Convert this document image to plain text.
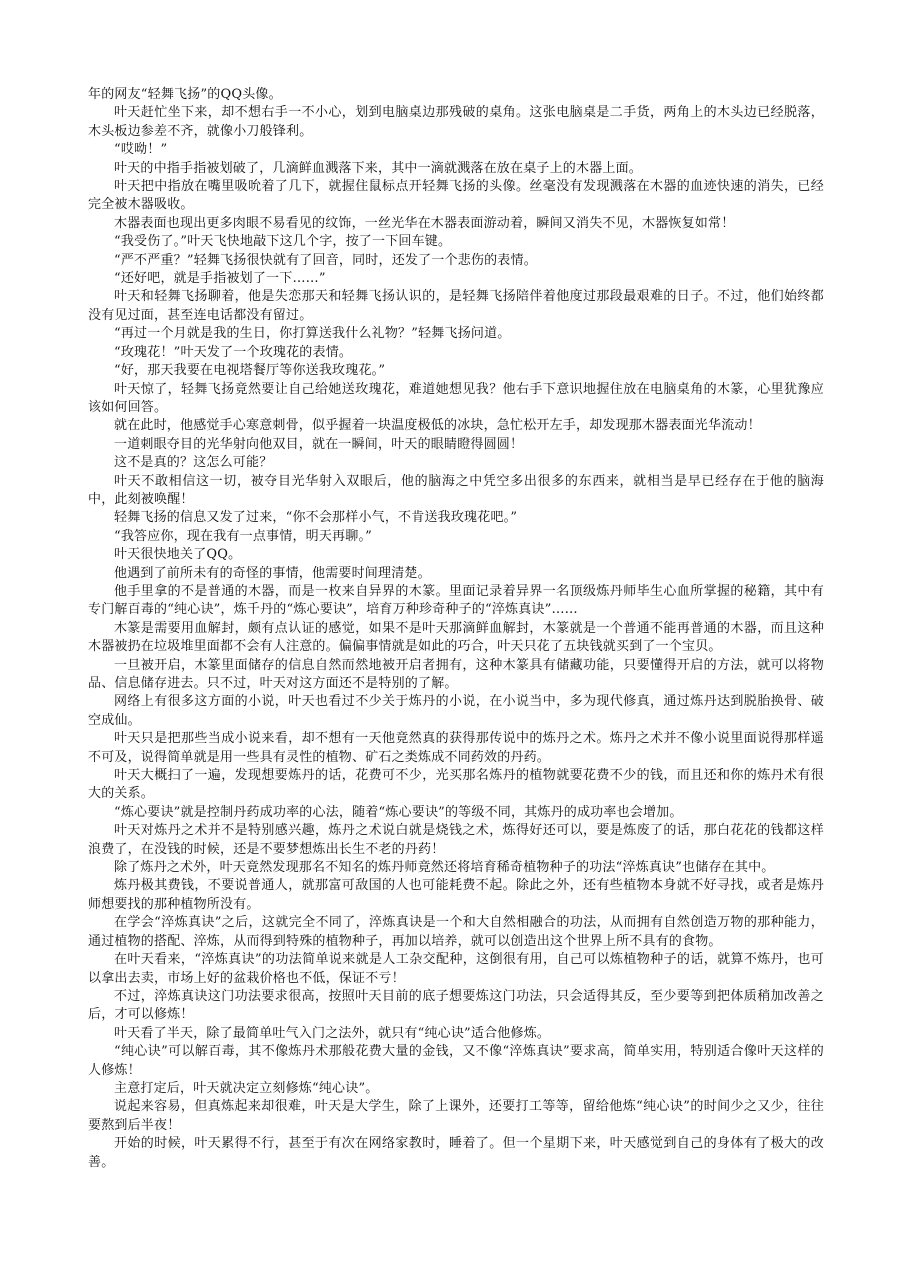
年的网友“轻舞飞扬”的QQ头像。

叶天赶忙坐下来，却不想右手一不小心，划到电脑桌边那残破的桌角。这张电脑桌是二手货，两角上的木头边已经脱落，木头板边参差不齐，就像小刀般锋利。

“哎呦！”

叶天的中指手指被划破了，几滴鲜血溅落下来，其中一滴就溅落在放在桌子上的木器上面。

叶天把中指放在嘴里吸吮着了几下，就握住鼠标点开轻舞飞扬的头像。丝毫没有发现溅落在木器的血迹快速的消失，已经完全被木器吸收。

木器表面也现出更多肉眼不易看见的纹饰，一丝光华在木器表面游动着，瞬间又消失不见，木器恢复如常！

“我受伤了。”叶天飞快地敲下这几个字，按了一下回车键。

“严不严重？”轻舞飞扬很快就有了回音，同时，还发了一个悲伤的表情。

“还好吧，就是手指被划了一下……”

叶天和轻舞飞扬聊着，他是失恋那天和轻舞飞扬认识的，是轻舞飞扬陪伴着他度过那段最艰难的日子。不过，他们始终都没有见过面，甚至连电话都没有留过。

“再过一个月就是我的生日，你打算送我什么礼物？”轻舞飞扬问道。

“玫瑰花！”叶天发了一个玫瑰花的表情。

“好，那天我要在电视塔餐厅等你送我玫瑰花。”

叶天惊了，轻舞飞扬竟然要让自己给她送玫瑰花，难道她想见我？他右手下意识地握住放在电脑桌角的木篆，心里犹豫应该如何回答。

就在此时，他感觉手心寒意刺骨，似乎握着一块温度极低的冰块，急忙松开左手，却发现那木器表面光华流动！

一道刺眼夺目的光华射向他双目，就在一瞬间，叶天的眼睛瞪得圆圆！

这不是真的？这怎么可能？

叶天不敢相信这一切，被夺目光华射入双眼后，他的脑海之中凭空多出很多的东西来，就相当是早已经存在于他的脑海中，此刻被唤醒！

轻舞飞扬的信息又发了过来，“你不会那样小气，不肯送我玫瑰花吧。”

“我答应你，现在我有一点事情，明天再聊。”

叶天很快地关了QQ。

他遇到了前所未有的奇怪的事情，他需要时间理清楚。

他手里拿的不是普通的木器，而是一枚来自异界的木篆。里面记录着异界一名顶级炼丹师毕生心血所掌握的秘籍，其中有专门解百毒的“纯心诀”，炼千丹的“炼心要诀”，培育万种珍奇种子的“淬炼真诀”……

木篆是需要用血解封，颇有点认证的感觉，如果不是叶天那滴鲜血解封，木篆就是一个普通不能再普通的木器，而且这种木器被扔在垃圾堆里面都不会有人注意的。偏偏事情就是如此的巧合，叶天只花了五块钱就买到了一个宝贝。

一旦被开启，木篆里面储存的信息自然而然地被开启者拥有，这种木篆具有储藏功能，只要懂得开启的方法，就可以将物品、信息储存进去。只不过，叶天对这方面还不是特别的了解。

网络上有很多这方面的小说，叶天也看过不少关于炼丹的小说，在小说当中，多为现代修真，通过炼丹达到脱胎换骨、破空成仙。

叶天只是把那些当成小说来看，却不想有一天他竟然真的获得那传说中的炼丹之术。炼丹之术并不像小说里面说得那样遥不可及，说得简单就是用一些具有灵性的植物、矿石之类炼成不同药效的丹药。

叶天大概扫了一遍，发现想要炼丹的话，花费可不少，光买那名炼丹的植物就要花费不少的钱，而且还和你的炼丹术有很大的关系。

“炼心要诀”就是控制丹药成功率的心法，随着“炼心要诀”的等级不同，其炼丹的成功率也会增加。

叶天对炼丹之术并不是特别感兴趣，炼丹之术说白就是烧钱之术，炼得好还可以，要是炼废了的话，那白花花的钱都这样浪费了，在没钱的时候，还是不要梦想炼出长生不老的丹药！

除了炼丹之术外，叶天竟然发现那名不知名的炼丹师竟然还将培育稀奇植物种子的功法“淬炼真诀”也储存在其中。

炼丹极其费钱，不要说普通人，就那富可敌国的人也可能耗费不起。除此之外，还有些植物本身就不好寻找，或者是炼丹师想要找的那种植物所没有。

在学会“淬炼真诀”之后，这就完全不同了，淬炼真诀是一个和大自然相融合的功法，从而拥有自然创造万物的那种能力，通过植物的搭配、淬炼，从而得到特殊的植物种子，再加以培养，就可以创造出这个世界上所不具有的食物。

在叶天看来，“淬炼真诀”的功法简单说来就是人工杂交配种，这倒很有用，自己可以炼植物种子的话，就算不炼丹，也可以拿出去卖，市场上好的盆栽价格也不低，保证不亏！

不过，淬炼真诀这门功法要求很高，按照叶天目前的底子想要炼这门功法，只会适得其反，至少要等到把体质稍加改善之后，才可以修炼！

叶天看了半天，除了最简单吐气入门之法外，就只有“纯心诀”适合他修炼。

“纯心诀”可以解百毒，其不像炼丹术那般花费大量的金钱，又不像“淬炼真诀”要求高，简单实用，特别适合像叶天这样的人修炼！

主意打定后，叶天就决定立刻修炼“纯心诀”。

说起来容易，但真炼起来却很难，叶天是大学生，除了上课外，还要打工等等，留给他炼“纯心诀”的时间少之又少，往往要熬到后半夜！

开始的时候，叶天累得不行，甚至于有次在网络家教时，睡着了。但一个星期下来，叶天感觉到自己的身体有了极大的改善。
